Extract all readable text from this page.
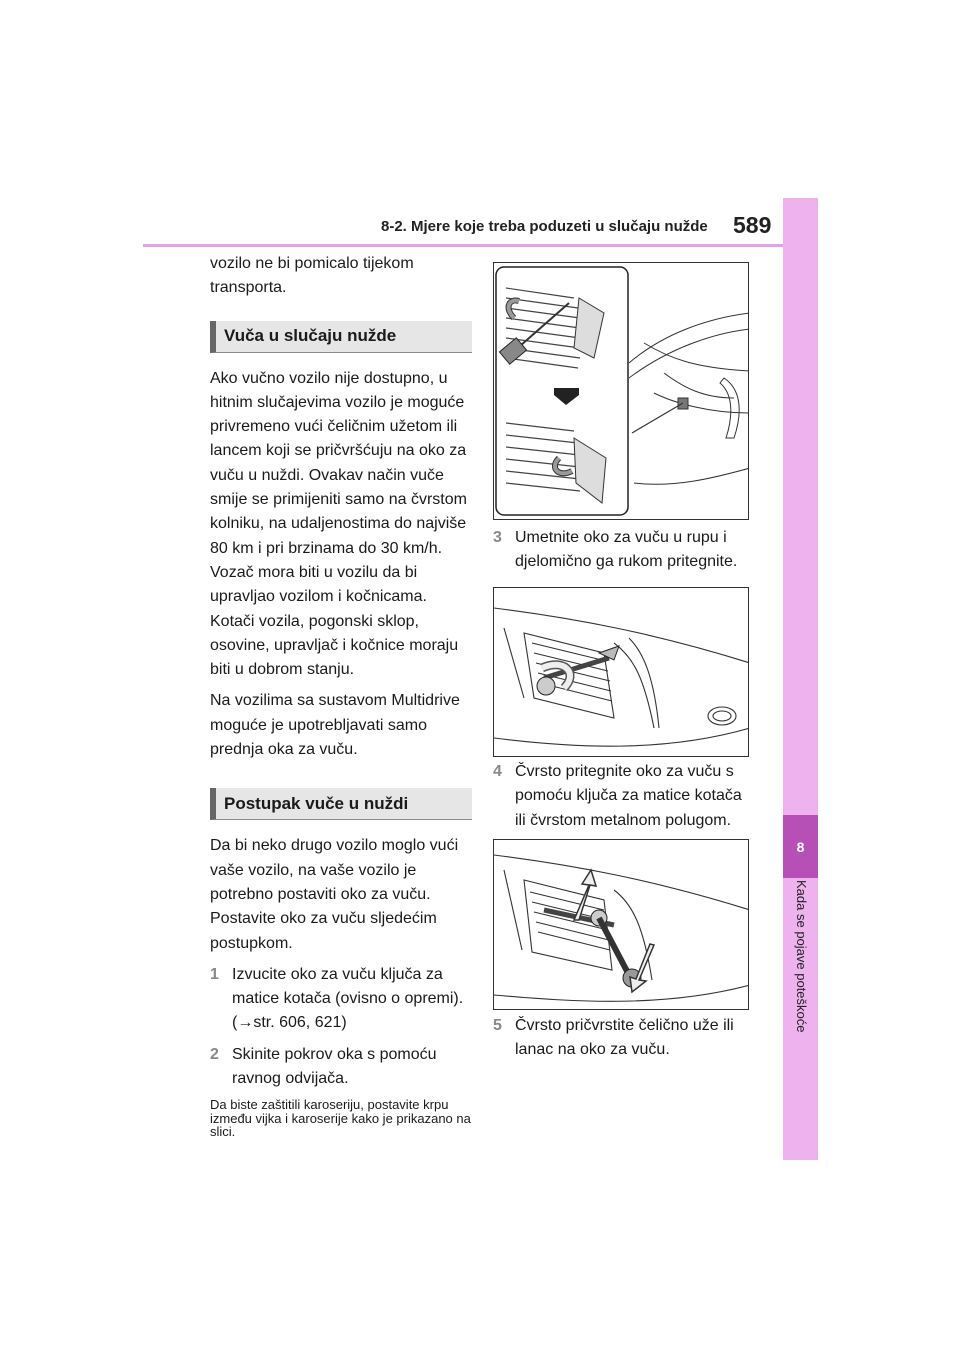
8-2. Mjere koje treba poduzeti u slučaju nužde 589
8
Kada se pojave poteškoće
vozilo ne bi pomicalo tijekom transporta.
Vuča u slučaju nužde
Ako vučno vozilo nije dostupno, u hitnim slučajevima vozilo je moguće privremeno vući čeličnim užetom ili lancem koji se pričvršćuju na oko za vuču u nuždi. Ovakav način vuče smije se primijeniti samo na čvrstom kolniku, na udaljenostima do najviše 80 km i pri brzinama do 30 km/h. Vozač mora biti u vozilu da bi upravljao vozilom i kočnicama. Kotači vozila, pogonski sklop, osovine, upravljač i kočnice moraju biti u dobrom stanju.
Na vozilima sa sustavom Multidrive moguće je upotrebljavati samo prednja oka za vuču.
Postupak vuče u nuždi
Da bi neko drugo vozilo moglo vući vaše vozilo, na vaše vozilo je potrebno postaviti oko za vuču. Postavite oko za vuču sljedećim postupkom.
1 Izvucite oko za vuču ključa za matice kotača (ovisno o opremi). (→str. 606, 621)
2 Skinite pokrov oka s pomoću ravnog odvijača.
Da biste zaštitili karoseriju, postavite krpu između vijka i karoserije kako je prikazano na slici.
3 Umetnite oko za vuču u rupu i djelomično ga rukom pritegnite.
4 Čvrsto pritegnite oko za vuču s pomoću ključa za matice kotača ili čvrstom metalnom polugom.
5 Čvrsto pričvrstite čelično uže ili lanac na oko za vuču.
